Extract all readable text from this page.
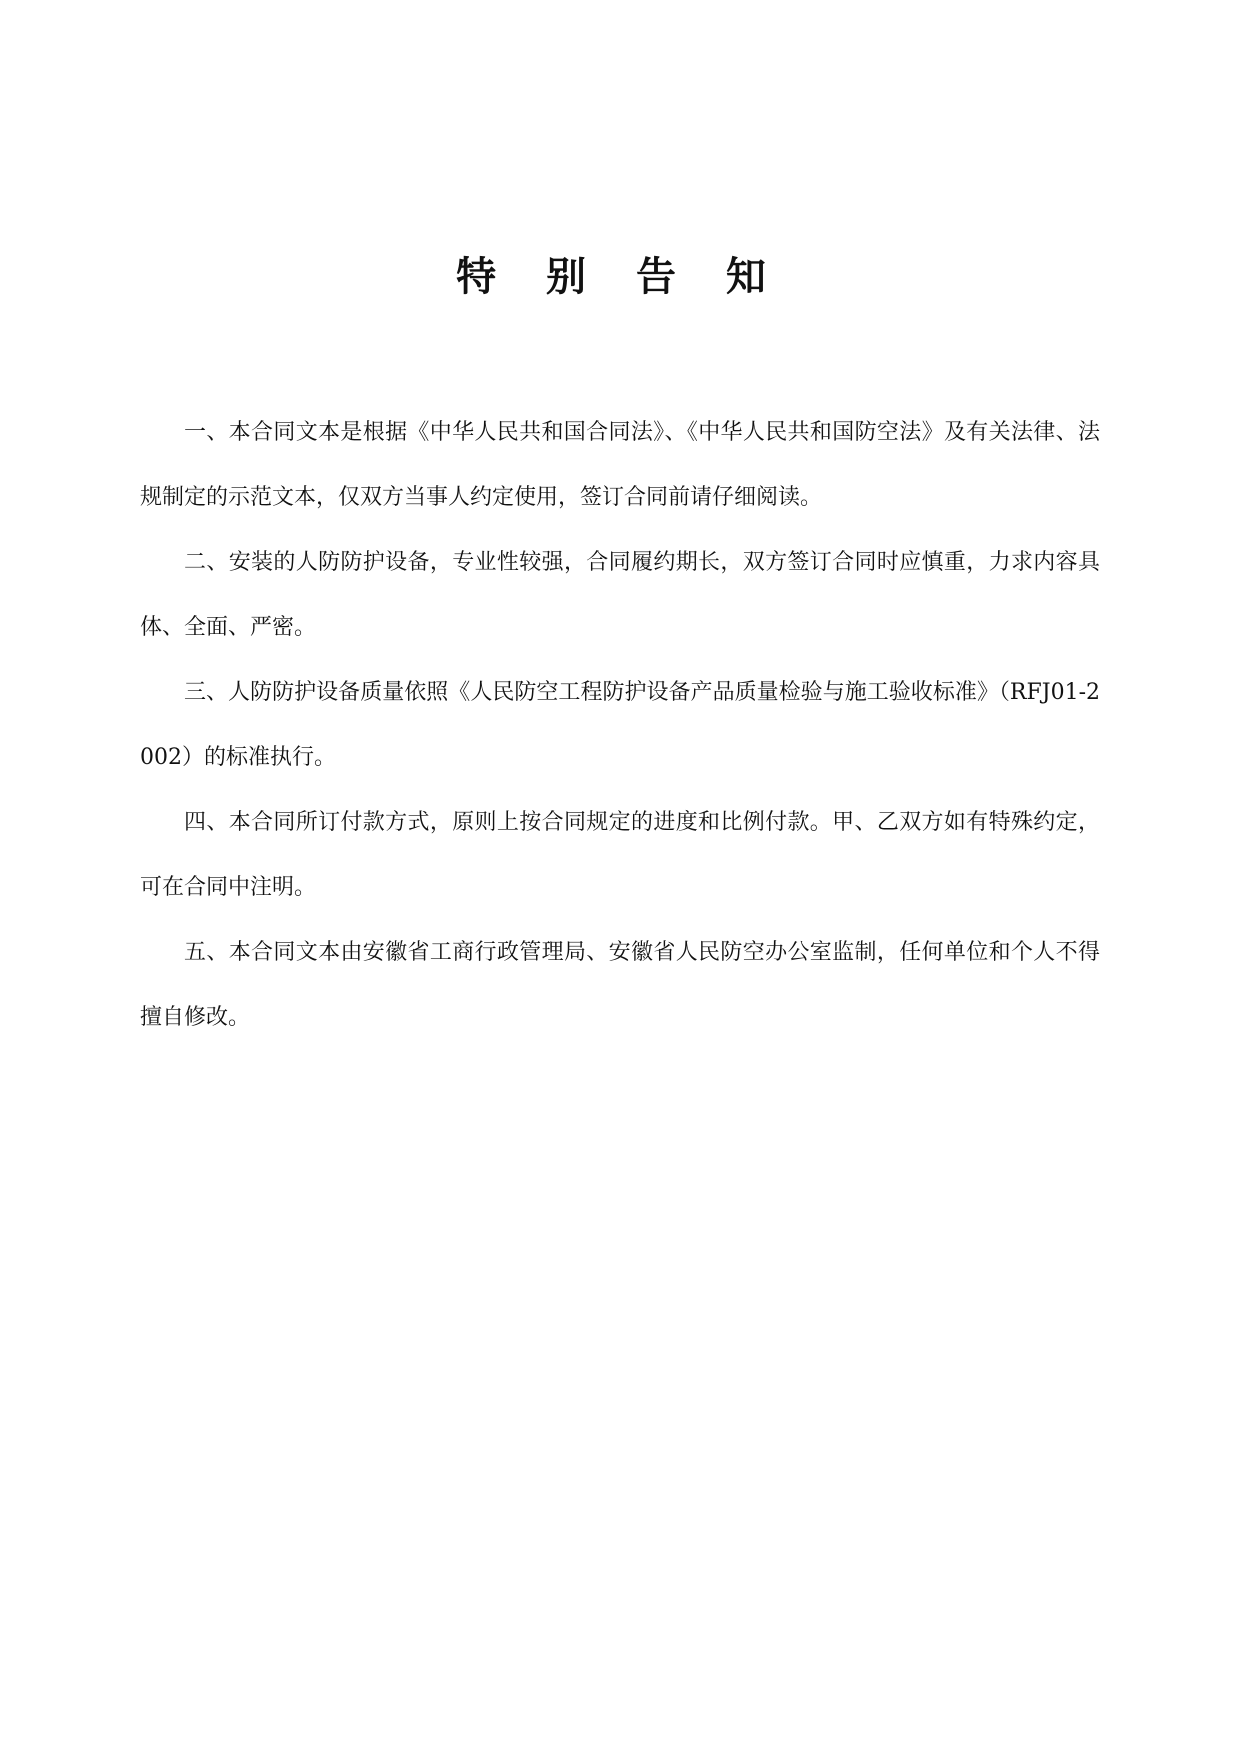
特 别 告 知

一、本合同文本是根据《中华人民共和国合同法》、《中华人民共和国防空法》及有关法律、法规制定的示范文本，仅双方当事人约定使用，签订合同前请仔细阅读。

二、安装的人防防护设备，专业性较强，合同履约期长，双方签订合同时应慎重，力求内容具体、全面、严密。

三、人防防护设备质量依照《人民防空工程防护设备产品质量检验与施工验收标准》（RFJ01-2002）的标准执行。

四、本合同所订付款方式，原则上按合同规定的进度和比例付款。甲、乙双方如有特殊约定，可在合同中注明。

五、本合同文本由安徽省工商行政管理局、安徽省人民防空办公室监制，任何单位和个人不得擅自修改。
